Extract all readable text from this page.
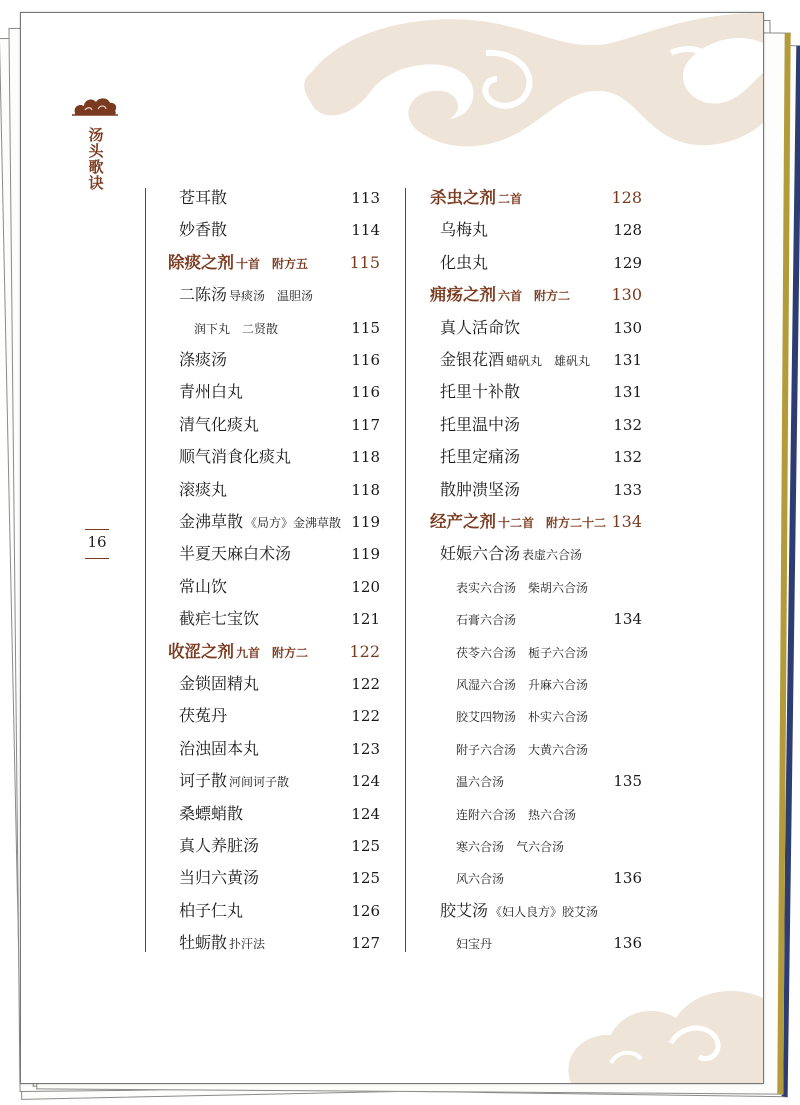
汤头歌诀
16
苍耳散	113
妙香散	114
除痰之剂 十首　附方五	115
二陈汤 导痰汤　温胆汤
润下丸　二贤散	115
涤痰汤	116
青州白丸	116
清气化痰丸	117
顺气消食化痰丸	118
滚痰丸	118
金沸草散 《局方》金沸草散 119
半夏天麻白术汤	119
常山饮	120
截疟七宝饮	121
收涩之剂 九首　附方二	122
金锁固精丸	122
茯菟丹	122
治浊固本丸	123
诃子散 河间诃子散	124
桑螵蛸散	124
真人养脏汤	125
当归六黄汤	125
柏子仁丸	126
牡蛎散 扑汗法	127
杀虫之剂 二首	128
乌梅丸	128
化虫丸	129
痈疡之剂 六首　附方二	130
真人活命饮	130
金银花酒 蜡矾丸　雄矾丸 131
托里十补散	131
托里温中汤	132
托里定痛汤	132
散肿溃坚汤	133
经产之剂 十二首　附方二十二 134
妊娠六合汤 表虚六合汤
表实六合汤　柴胡六合汤
石膏六合汤	134
茯苓六合汤　栀子六合汤
风湿六合汤　升麻六合汤
胶艾四物汤　朴实六合汤
附子六合汤　大黄六合汤
温六合汤	135
连附六合汤　热六合汤
寒六合汤　气六合汤
风六合汤	136
胶艾汤 《妇人良方》胶艾汤
妇宝丹	136
